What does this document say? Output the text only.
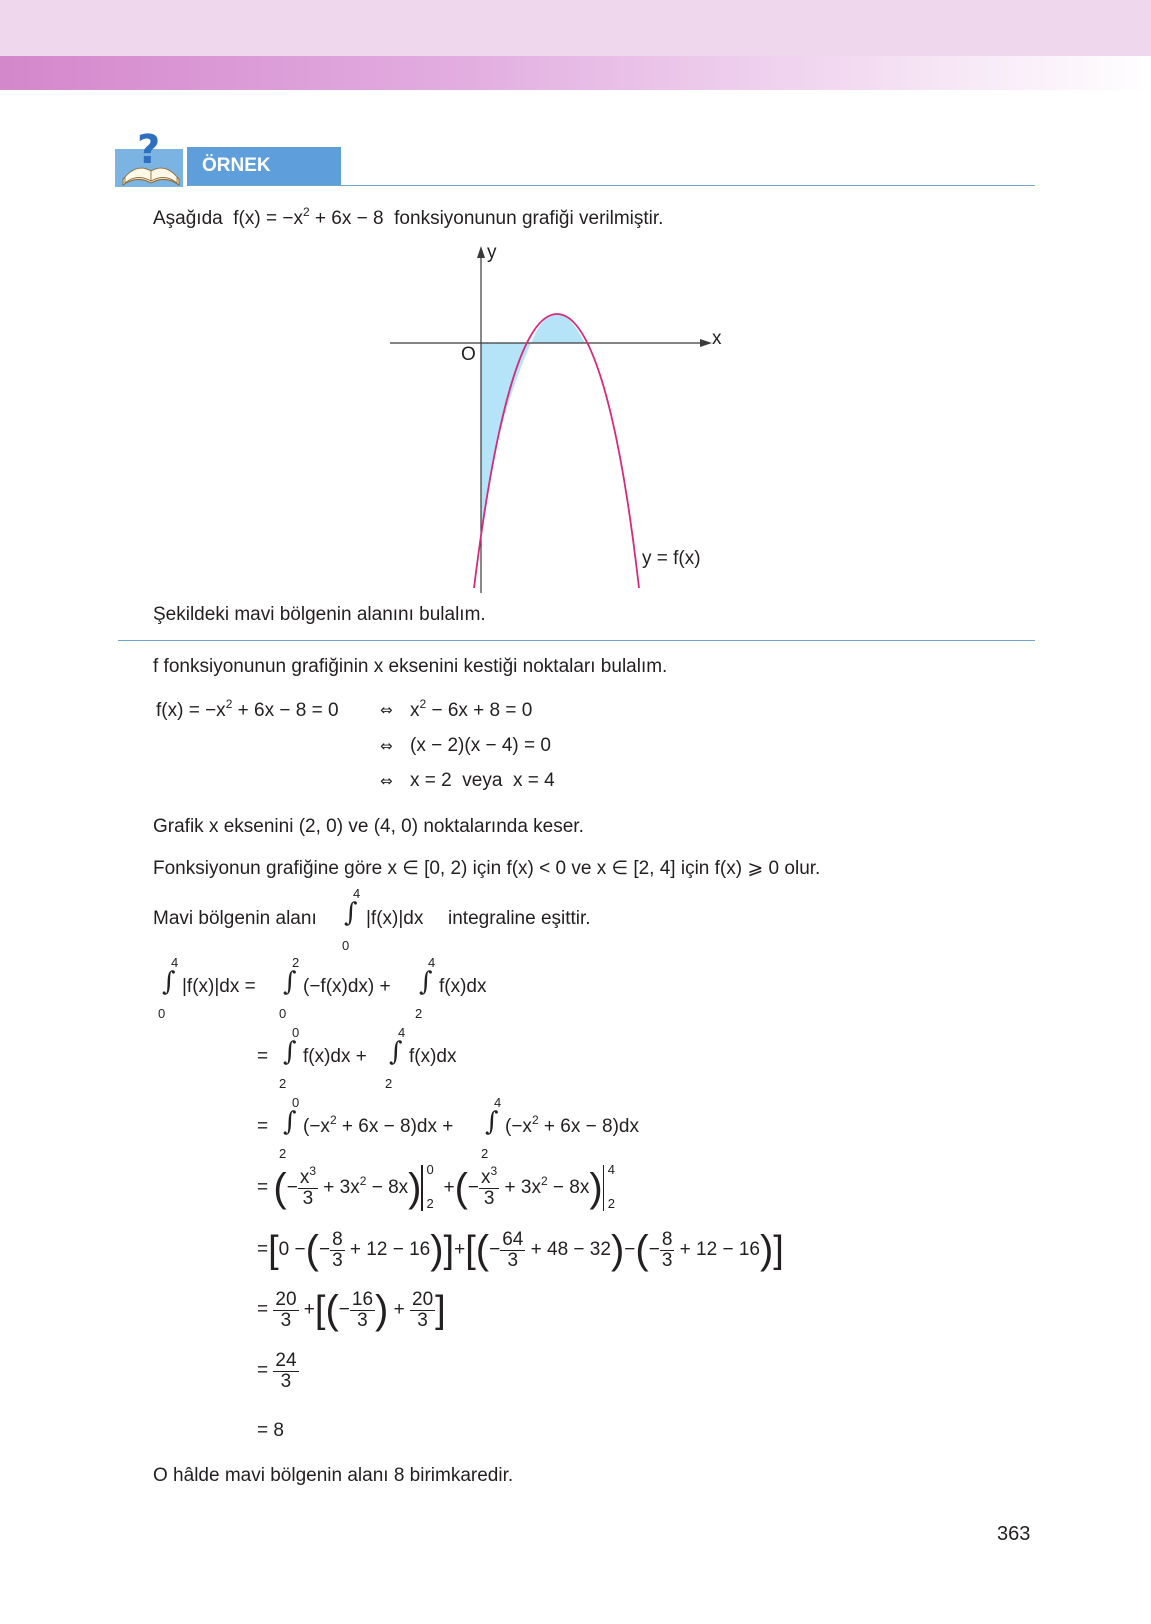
? ÖRNEK
Aşağıda  $f(x) = -x^2 + 6x - 8$  fonksiyonunun grafiği verilmiştir.
y
x
O
y = f(x)
Şekildeki mavi bölgenin alanını bulalım.
f fonksiyonunun grafiğinin x eksenini kestiği noktaları bulalım.
$f(x) = -x^2 + 6x - 8 = 0$	⇔ $x^2 - 6x + 8 = 0$
⇔ (x − 2)(x − 4) = 0
⇔ x = 2  veya  x = 4
Grafik x eksenini (2, 0) ve (4, 0) noktalarında keser.
Fonksiyonun grafiğine göre x ∈ [0, 2) için f(x) < 0 ve x ∈ [2, 4] için f(x) ⩾ 0 olur.
Mavi bölgenin alanı
4
∫
0
|f(x)|dx integraline eşittir.
4
∫
0
|f(x)|dx =
2
∫
0
(−f(x)dx) +
4
∫
2
f(x)dx
=
0
∫
2
f(x)dx +
4
∫
2
f(x)dx
=
0
∫
2
$(-x^2 + 6x - 8)dx$ +
4
∫
2
$(-x^2 + 6x - 8)dx$
= ( − $\frac{x^3}{3} + 3x^2 - 8x$ ) 0
2
+ ( − $\frac{x^3}{3} + 3x^2 - 8x$ ) 4
2
= [ 0 − ( − $\frac{8}{3} + 12 - 16$ ) ] + [ ( − $\frac{64}{3} + 48 - 32$ ) − ( − $\frac{8}{3} + 12 - 16$ ) ]
= $\frac{20}{3}$ + [ ( − $\frac{16}{3}$ ) + $\frac{20}{3}$ ]
= $\frac{24}{3}$
= 8
O hâlde mavi bölgenin alanı 8 birimkaredir.
363
